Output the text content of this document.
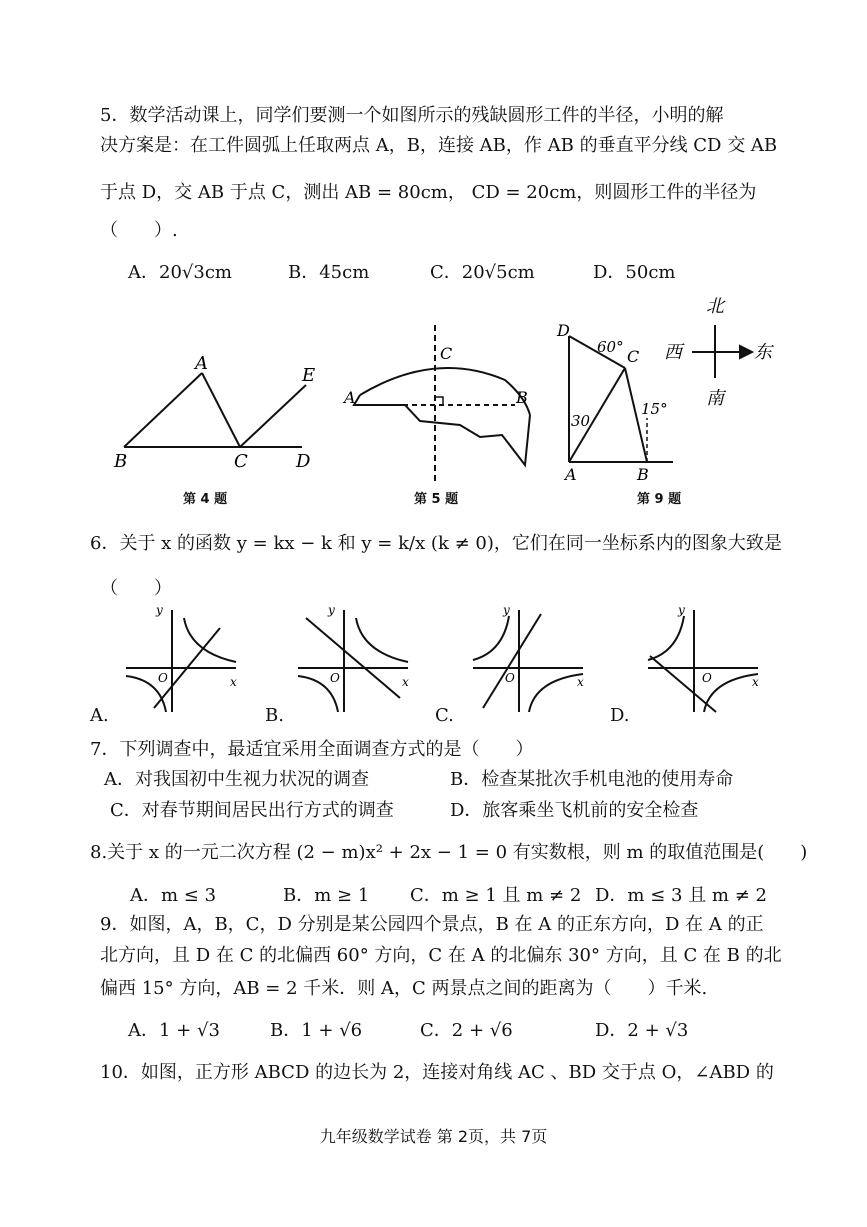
5．数学活动课上，同学们要测一个如图所示的残缺圆形工件的半径，小明的解
决方案是：在工件圆弧上任取两点 A，B，连接 AB，作 AB 的垂直平分线 CD 交 AB
于点 D，交 AB 于点 C，测出 AB = 80cm， CD = 20cm，则圆形工件的半径为
（　　）.
A．20√3cm	B．45cm	C．20√5cm	D．50cm
A
B	C	D
E
第 4 题
C
A	B
第 5 题
D
60° C
30
15°
A	B
第 9 题
北
南
西	东
6．关于 x 的函数 y = kx − k 和 y = k/x (k ≠ 0)，它们在同一坐标系内的图象大致是
（　　）
y
x
O
A.
y
x
O
B.
y
x
O
C.
y
x
O
D.
7．下列调查中，最适宜采用全面调查方式的是（　　）
A．对我国初中生视力状况的调查	B．检查某批次手机电池的使用寿命
C．对春节期间居民出行方式的调查	D．旅客乘坐飞机前的安全检查
8.关于 x 的一元二次方程 (2 − m)x² + 2x − 1 = 0 有实数根，则 m 的取值范围是(　　)
A．m ≤ 3	B．m ≥ 1 C．m ≥ 1 且 m ≠ 2 D．m ≤ 3 且 m ≠ 2
9．如图，A，B，C，D 分别是某公园四个景点，B 在 A 的正东方向，D 在 A 的正
北方向，且 D 在 C 的北偏西 60° 方向，C 在 A 的北偏东 30° 方向，且 C 在 B 的北
偏西 15° 方向，AB = 2 千米．则 A，C 两景点之间的距离为（　　）千米.
A．1 + √3	B．1 + √6	C．2 + √6	D．2 + √3
10．如图，正方形 ABCD 的边长为 2，连接对角线 AC 、BD 交于点 O，∠ABD 的
九年级数学试卷 第 2页，共 7页
